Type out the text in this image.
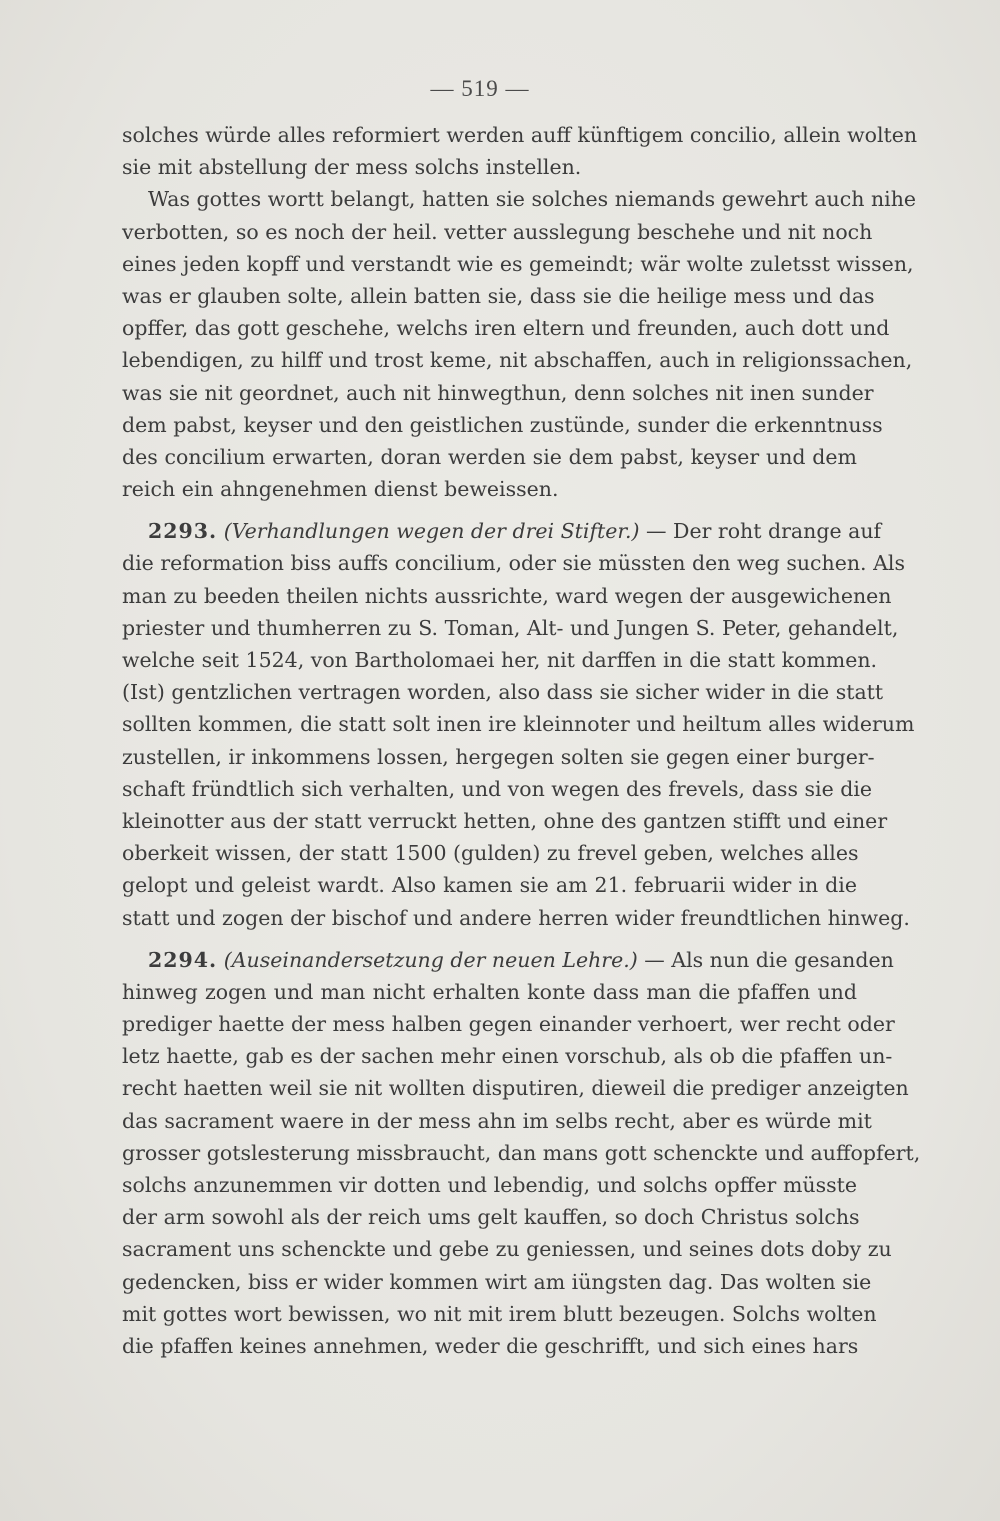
— 519 —
solches würde alles reformiert werden auff künftigem concilio, allein wolten
sie mit abstellung der mess solchs instellen.
Was gottes wortt belangt, hatten sie solches niemands gewehrt auch nihe
verbotten, so es noch der heil. vetter ausslegung beschehe und nit noch
eines jeden kopff und verstandt wie es gemeindt; wär wolte zuletsst wissen,
was er glauben solte, allein batten sie, dass sie die heilige mess und das
opffer, das gott geschehe, welchs iren eltern und freunden, auch dott und
lebendigen, zu hilff und trost keme, nit abschaffen, auch in religionssachen,
was sie nit geordnet, auch nit hinwegthun, denn solches nit inen sunder
dem pabst, keyser und den geistlichen zustünde, sunder die erkenntnuss
des concilium erwarten, doran werden sie dem pabst, keyser und dem
reich ein ahngenehmen dienst beweissen.
2293. (Verhandlungen wegen der drei Stifter.) — Der roht drange auf
die reformation biss auffs concilium, oder sie müssten den weg suchen. Als
man zu beeden theilen nichts aussrichte, ward wegen der ausgewichenen
priester und thumherren zu S. Toman, Alt- und Jungen S. Peter, gehandelt,
welche seit 1524, von Bartholomaei her, nit darffen in die statt kommen.
(Ist) gentzlichen vertragen worden, also dass sie sicher wider in die statt
sollten kommen, die statt solt inen ire kleinnoter und heiltum alles widerum
zustellen, ir inkommens lossen, hergegen solten sie gegen einer burger-
schaft fründtlich sich verhalten, und von wegen des frevels, dass sie die
kleinotter aus der statt verruckt hetten, ohne des gantzen stifft und einer
oberkeit wissen, der statt 1500 (gulden) zu frevel geben, welches alles
gelopt und geleist wardt. Also kamen sie am 21. februarii wider in die
statt und zogen der bischof und andere herren wider freundtlichen hinweg.
2294. (Auseinandersetzung der neuen Lehre.) — Als nun die gesanden
hinweg zogen und man nicht erhalten konte dass man die pfaffen und
prediger haette der mess halben gegen einander verhoert, wer recht oder
letz haette, gab es der sachen mehr einen vorschub, als ob die pfaffen un-
recht haetten weil sie nit wollten disputiren, dieweil die prediger anzeigten
das sacrament waere in der mess ahn im selbs recht, aber es würde mit
grosser gotslesterung missbraucht, dan mans gott schenckte und auffopfert,
solchs anzunemmen vir dotten und lebendig, und solchs opffer müsste
der arm sowohl als der reich ums gelt kauffen, so doch Christus solchs
sacrament uns schenckte und gebe zu geniessen, und seines dots doby zu
gedencken, biss er wider kommen wirt am iüngsten dag. Das wolten sie
mit gottes wort bewissen, wo nit mit irem blutt bezeugen. Solchs wolten
die pfaffen keines annehmen, weder die geschrifft, und sich eines hars
